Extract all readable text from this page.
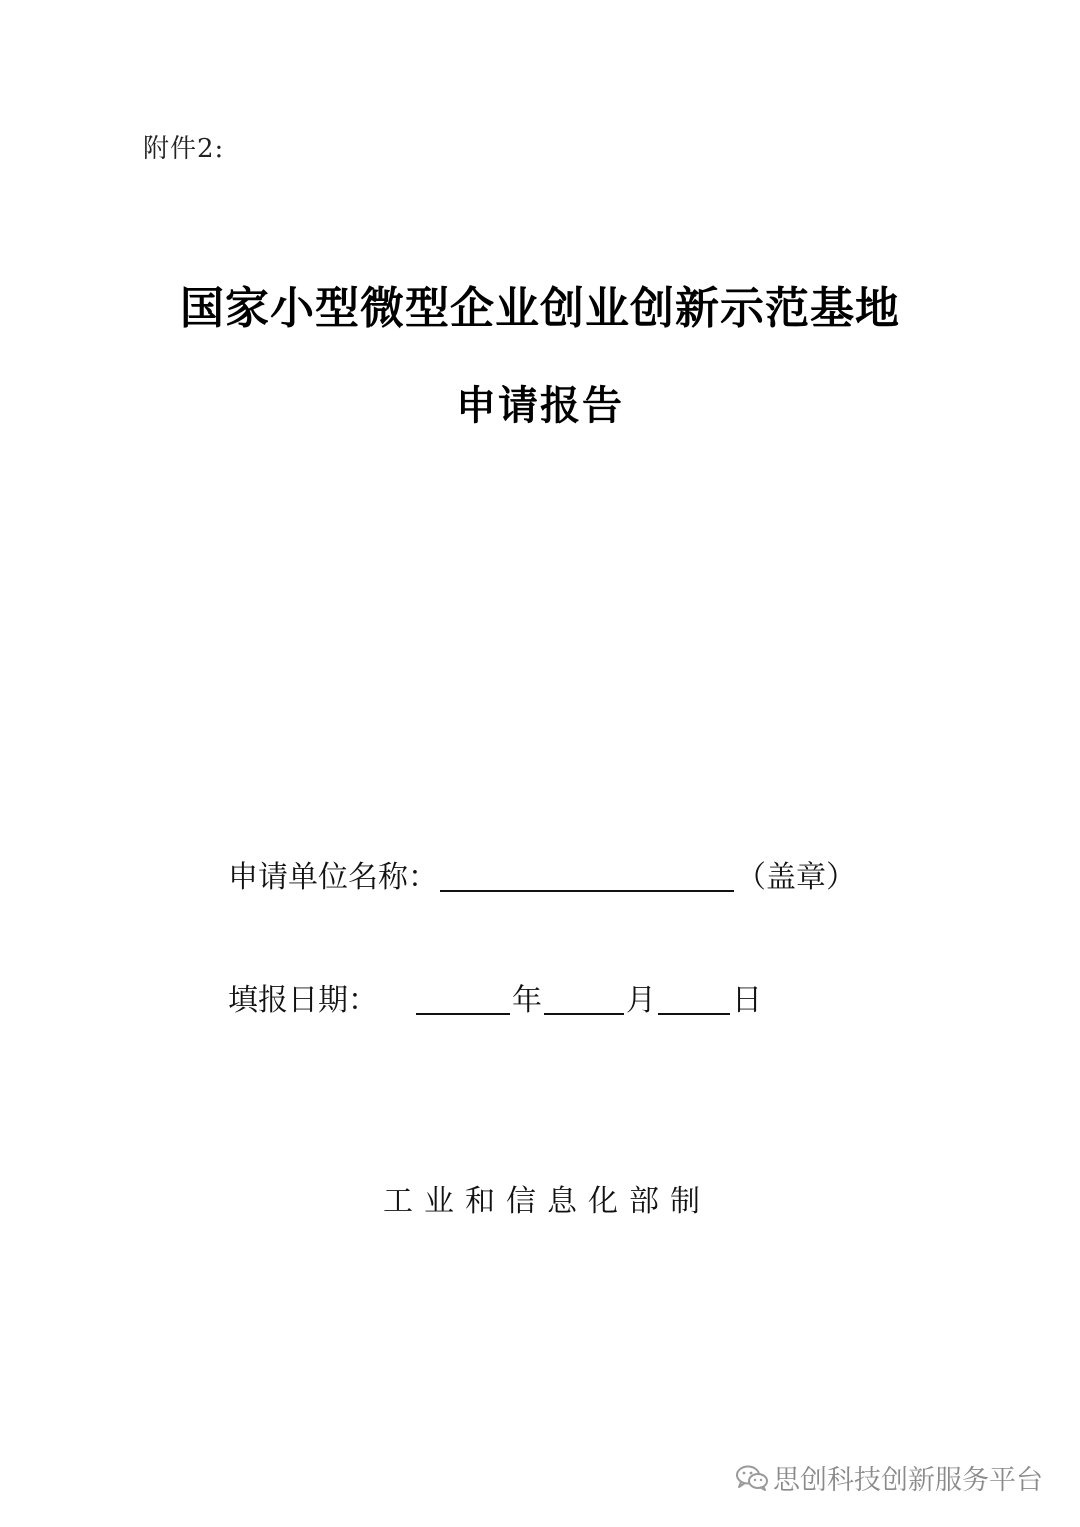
附件2:
国家小型微型企业创业创新示范基地
申请报告
申请单位名称：	（盖章）
填报日期：	年	月	日
工业和信息化部制
思创科技创新服务平台
